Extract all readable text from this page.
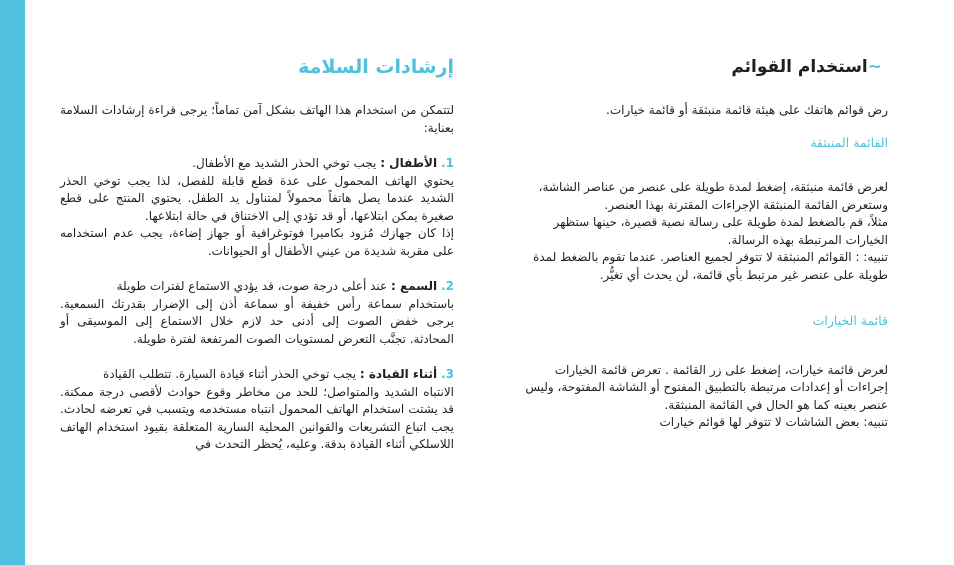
~استخدام القوائم

رض قوائم هاتفك على هيئة قائمة منبثقة أو قائمة خيارات.

القائمة المنبثقة

لعرض قائمة منبثقة، إضغط لمدة طويلة على عنصر من عناصر الشاشة،

وستعرض القائمة المنبثقة الإجراءات المقترنة بهذا العنصر.

مثلاً، قم بالضغط لمدة طويلة على رسالة نصية قصيرة، حينها ستظهر

الخيارات المرتبطة بهذه الرسالة.

تنبيه: : القوائم المنبثقة لا تتوفر لجميع العناصر. عندما تقوم بالضغط لمدة

طويلة على عنصر غير مرتبط بأي قائمة، لن يحدث أي تغيُّر.

قائمة الخيارات

لعرض قائمة خيارات، إضغط على زر القائمة . تعرض قائمة الخيارات

إجراءات أو إعدادات مرتبطة بالتطبيق المفتوح أو الشاشة المفتوحة، وليس

عنصر بعينه كما هو الحال في القائمة المنبثقة.

تنبيه: بعض الشاشات لا تتوفر لها قوائم خيارات

إرشادات السلامة

لتتمكن من استخدام هذا الهاتف بشكل آمن تماماً؛ يرجى قراءة إرشادات السلامة بعناية:

1.الأطفال : يجب توخي الحذر الشديد مع الأطفال.

يحتوي الهاتف المحمول على عدة قطع قابلة للفصل، لذا يجب توخي الحذر الشديد عندما يصل هاتفاً محمولاً لمتناول يد الطفل. يحتوي المنتج على قطع صغيرة يمكن ابتلاعها، أو قد تؤدي إلى الاختناق في حالة ابتلاعها.

إذا كان جهازك مُزود بكاميرا فوتوغرافية أو جهاز إضاءة، يجب عدم استخدامه على مقربة شديدة من عيني الأطفال أو الحيوانات.

2.السمع : عند أعلى درجة صوت، قد يؤدي الاستماع لفترات طويلة

باستخدام سماعة رأس خفيفة أو سماعة أذن إلى الإضرار بقدرتك السمعية. يرجى خفض الصوت إلى أدنى حد لازم خلال الاستماع إلى الموسيقى أو المحادثة. تجنَّب التعرض لمستويات الصوت المرتفعة لفترة طويلة.

3.أثناء القيادة : يجب توخي الحذر أثناء قيادة السيارة. تتطلب القيادة

الانتباه الشديد والمتواصل؛ للحد من مخاطر وقوع حوادث لأقصى درجة ممكنة. قد يشتت استخدام الهاتف المحمول انتباه مستخدمه ويتسبب في تعرضه لحادث. يجب اتباع التشريعات والقوانين المحلية السارية المتعلقة بقيود استخدام الهاتف اللاسلكي أثناء القيادة بدقة. وعليه، يُحظر التحدث في
